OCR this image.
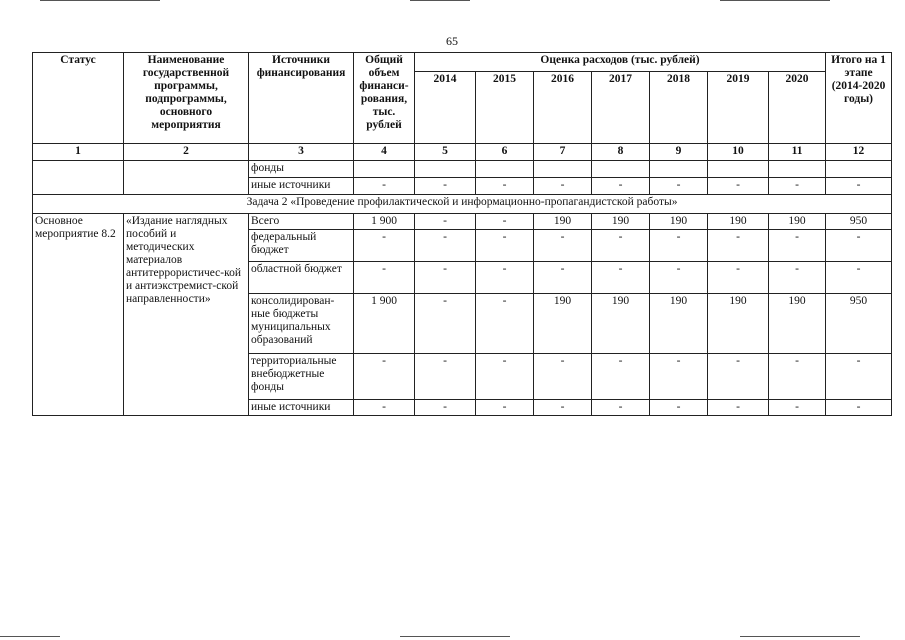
65
Статус	Наименование государственной программы, подпрограммы, основного мероприятия	Источники финансирования	Общий объем финанси-рования, тыс. рублей	Оценка расходов (тыс. рублей)							Итого на 1 этапе (2014-2020 годы)
				2014	2015	2016	2017	2018	2019	2020	
1	2	3	4	5	6	7	8	9	10	11	12
		фонды									
		иные источники	-	-	-	-	-	-	-	-	-
Задача 2 «Проведение профилактической и информационно-пропагандистской работы»											
Основное мероприятие 8.2	«Издание наглядных пособий и методических материалов антитеррористичес-кой и антиэкстремист-ской направленности»	Всего	1 900	-	-	190	190	190	190	190	950
		федеральный бюджет	-	-	-	-	-	-	-	-	-
		областной бюджет	-	-	-	-	-	-	-	-	-
		консолидирован-ные бюджеты муниципальных образований	1 900	-	-	190	190	190	190	190	950
		территориальные внебюджетные фонды	-	-	-	-	-	-	-	-	-
		иные источники	-	-	-	-	-	-	-	-	-
